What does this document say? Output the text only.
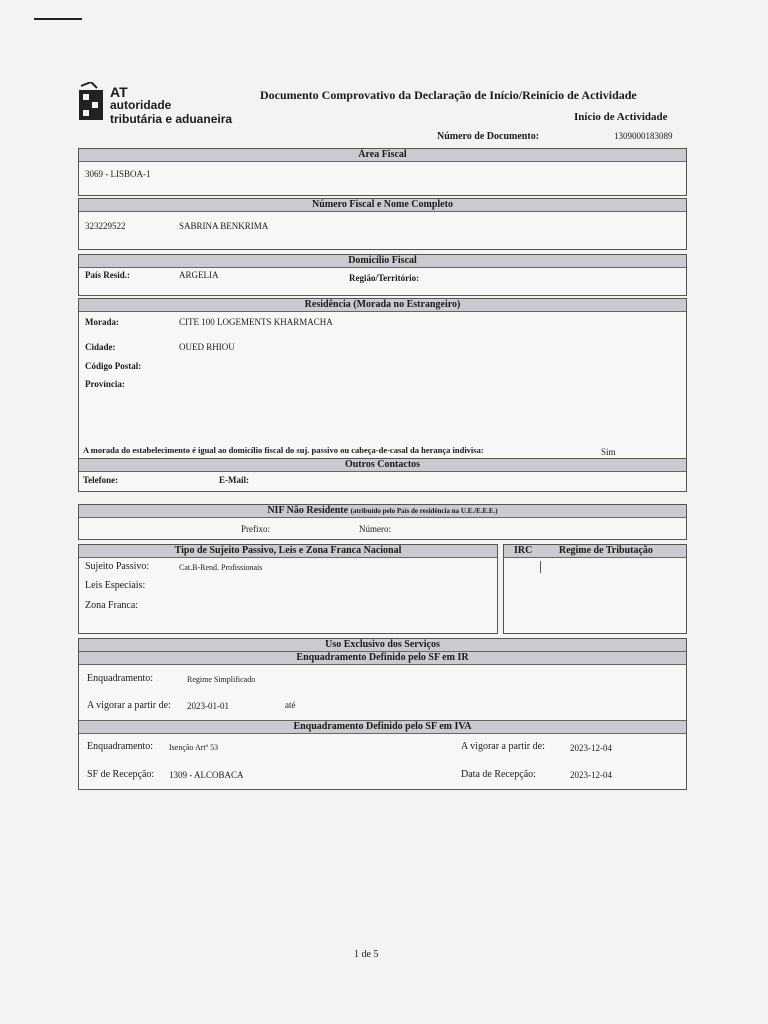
AT
autoridade
tributária e aduaneira
Documento Comprovativo da Declaração de Início/Reinício de Actividade
Início de Actividade
Número de Documento:	1309000183089
Área Fiscal
3069 - LISBOA-1
Número Fiscal e Nome Completo
323229522	SABRINA BENKRIMA
Domicílio Fiscal
País Resid.:	ARGELIA	Região/Território:
Residência (Morada no Estrangeiro)
Morada:	CITE 100 LOGEMENTS KHARMACHA
Cidade:	OUED RHIOU
Código Postal:
Província:
A morada do estabelecimento é igual ao domicílio fiscal do suj. passivo ou cabeça-de-casal da herança indivisa:	Sim
Outros Contactos
Telefone:	E-Mail:
NIF Não Residente (atribuído pelo País de residência na U.E./E.E.E.)
Prefixo:	Número:
Tipo de Sujeito Passivo, Leis e Zona Franca Nacional
Sujeito Passivo:	Cat.B-Rend. Profissionais
Leis Especiais:
Zona Franca:
IRC	Regime de Tributação
Uso Exclusivo dos Serviços
Enquadramento Definido pelo SF em IR
Enquadramento:	Regime Simplificado
A vigorar a partir de: 2023-01-01	até
Enquadramento Definido pelo SF em IVA
Enquadramento: Isenção Artº 53	A vigorar a partir de:	2023-12-04
SF de Recepção: 1309 - ALCOBACA	Data de Recepção:	2023-12-04
1 de 5
